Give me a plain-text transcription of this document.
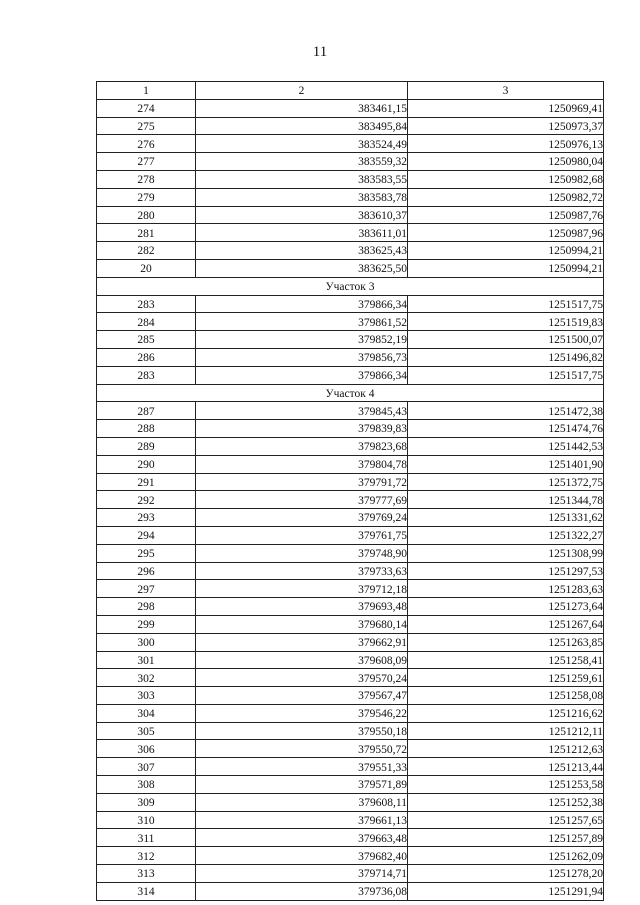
11
1	2	3
274	383461,15	1250969,41
275	383495,84	1250973,37
276	383524,49	1250976,13
277	383559,32	1250980,04
278	383583,55	1250982,68
279	383583,78	1250982,72
280	383610,37	1250987,76
281	383611,01	1250987,96
282	383625,43	1250994,21
20	383625,50	1250994,21
Участок 3		
283	379866,34	1251517,75
284	379861,52	1251519,83
285	379852,19	1251500,07
286	379856,73	1251496,82
283	379866,34	1251517,75
Участок 4		
287	379845,43	1251472,38
288	379839,83	1251474,76
289	379823,68	1251442,53
290	379804,78	1251401,90
291	379791,72	1251372,75
292	379777,69	1251344,78
293	379769,24	1251331,62
294	379761,75	1251322,27
295	379748,90	1251308,99
296	379733,63	1251297,53
297	379712,18	1251283,63
298	379693,48	1251273,64
299	379680,14	1251267,64
300	379662,91	1251263,85
301	379608,09	1251258,41
302	379570,24	1251259,61
303	379567,47	1251258,08
304	379546,22	1251216,62
305	379550,18	1251212,11
306	379550,72	1251212,63
307	379551,33	1251213,44
308	379571,89	1251253,58
309	379608,11	1251252,38
310	379661,13	1251257,65
311	379663,48	1251257,89
312	379682,40	1251262,09
313	379714,71	1251278,20
314	379736,08	1251291,94
